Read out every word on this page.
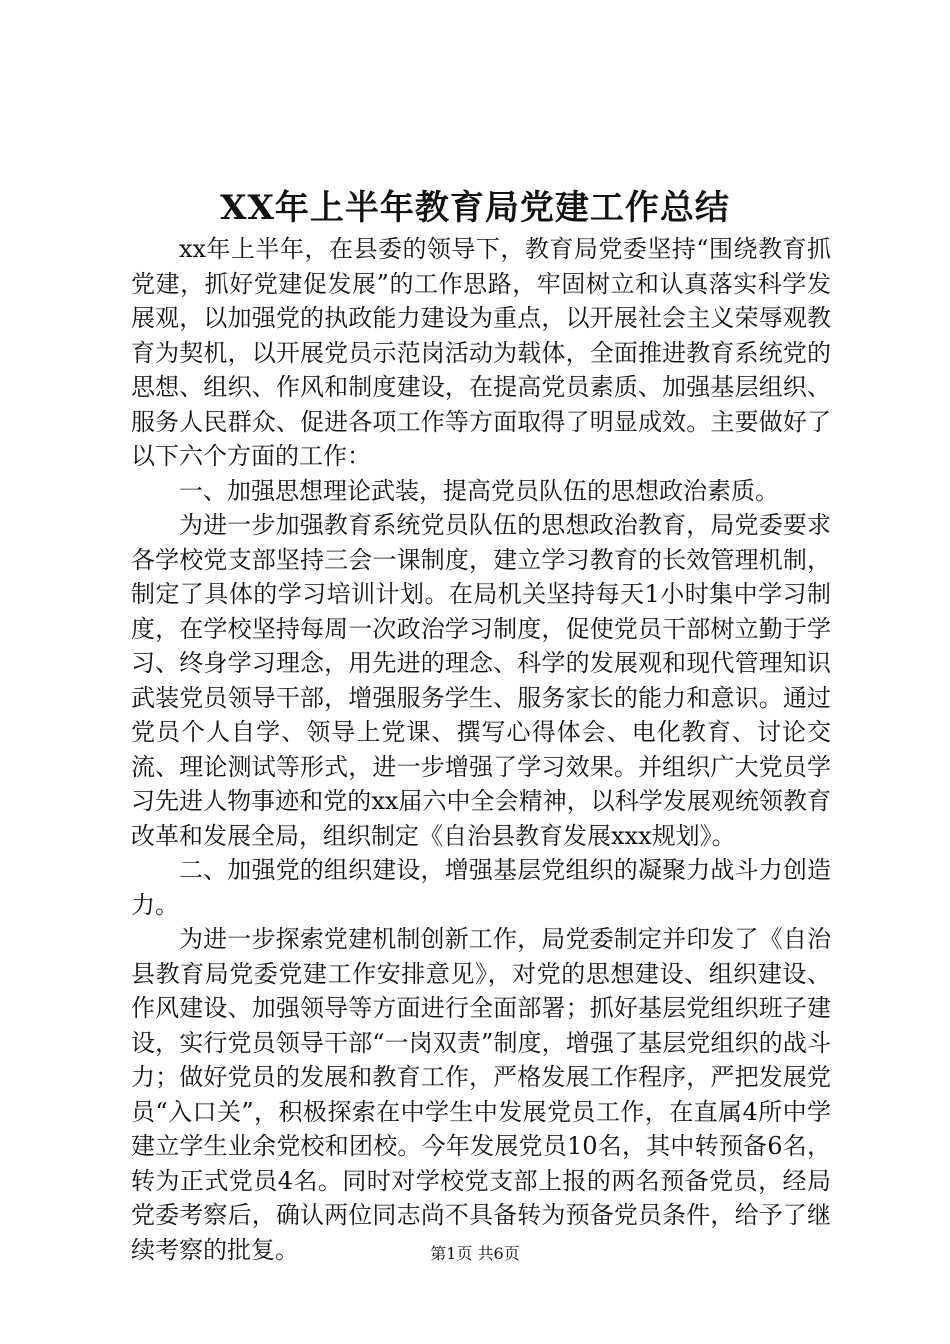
XX年上半年教育局党建工作总结

xx年上半年，在县委的领导下，教育局党委坚持“围绕教育抓党建，抓好党建促发展”的工作思路，牢固树立和认真落实科学发展观，以加强党的执政能力建设为重点，以开展社会主义荣辱观教育为契机，以开展党员示范岗活动为载体，全面推进教育系统党的思想、组织、作风和制度建设，在提高党员素质、加强基层组织、服务人民群众、促进各项工作等方面取得了明显成效。主要做好了以下六个方面的工作：

一、加强思想理论武装，提高党员队伍的思想政治素质。

为进一步加强教育系统党员队伍的思想政治教育，局党委要求各学校党支部坚持三会一课制度，建立学习教育的长效管理机制，制定了具体的学习培训计划。在局机关坚持每天1小时集中学习制度，在学校坚持每周一次政治学习制度，促使党员干部树立勤于学习、终身学习理念，用先进的理念、科学的发展观和现代管理知识武装党员领导干部，增强服务学生、服务家长的能力和意识。通过党员个人自学、领导上党课、撰写心得体会、电化教育、讨论交流、理论测试等形式，进一步增强了学习效果。并组织广大党员学习先进人物事迹和党的xx届六中全会精神，以科学发展观统领教育改革和发展全局，组织制定《自治县教育发展xxx规划》。

二、加强党的组织建设，增强基层党组织的凝聚力战斗力创造力。

为进一步探索党建机制创新工作，局党委制定并印发了《自治县教育局党委党建工作安排意见》，对党的思想建设、组织建设、作风建设、加强领导等方面进行全面部署；抓好基层党组织班子建设，实行党员领导干部“一岗双责”制度，增强了基层党组织的战斗力；做好党员的发展和教育工作，严格发展工作程序，严把发展党员“入口关”，积极探索在中学生中发展党员工作，在直属4所中学建立学生业余党校和团校。今年发展党员10名，其中转预备6名，转为正式党员4名。同时对学校党支部上报的两名预备党员，经局党委考察后，确认两位同志尚不具备转为预备党员条件，给予了继续考察的批复。	第1页 共6页
